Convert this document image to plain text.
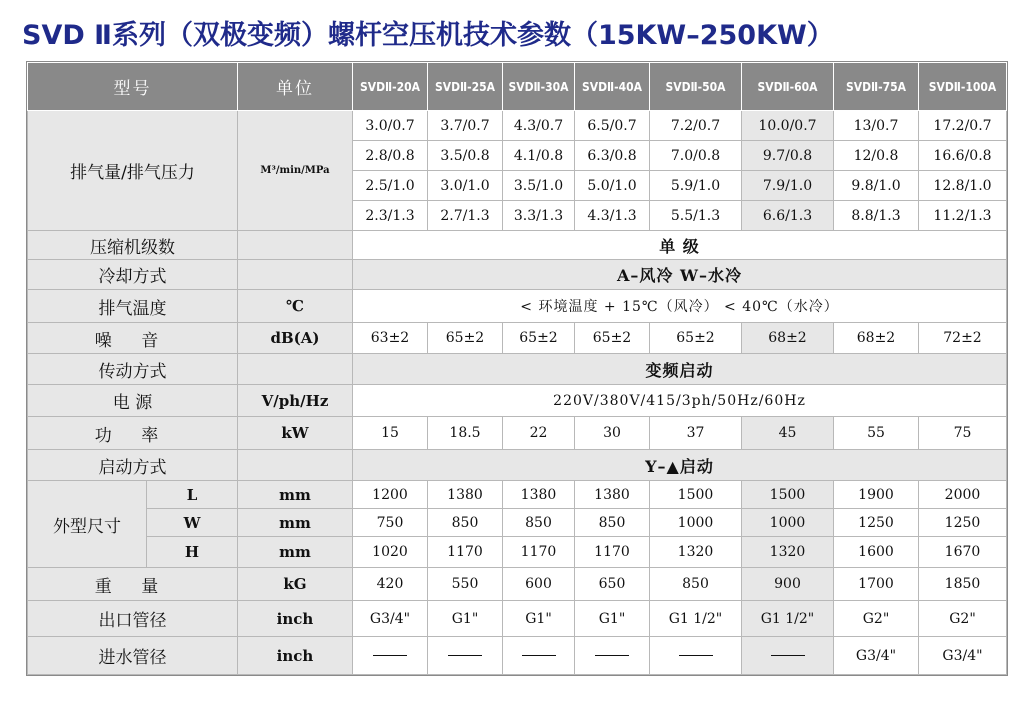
SVD Ⅱ系列（双极变频）螺杆空压机技术参数（15KW–250KW）
型号		单位	SVDⅡ-20A	SVDⅡ-25A	SVDⅡ-30A	SVDⅡ-40A	SVDⅡ-50A	SVDⅡ-60A	SVDⅡ-75A	SVDⅡ-100A
排气量/排气压力		M³/min/MPa	3.0/0.7	3.7/0.7	4.3/0.7	6.5/0.7	7.2/0.7	10.0/0.7	13/0.7	17.2/0.7
			2.8/0.8	3.5/0.8	4.1/0.8	6.3/0.8	7.0/0.8	9.7/0.8	12/0.8	16.6/0.8
			2.5/1.0	3.0/1.0	3.5/1.0	5.0/1.0	5.9/1.0	7.9/1.0	9.8/1.0	12.8/1.0
			2.3/1.3	2.7/1.3	3.3/1.3	4.3/1.3	5.5/1.3	6.6/1.3	8.8/1.3	11.2/1.3
压缩机级数			单 级							
冷却方式			A–风冷 W–水冷							
排气温度		℃	< 环境温度 + 15℃（风冷） < 40℃（水冷）							
噪 音		dB(A)	63±2	65±2	65±2	65±2	65±2	68±2	68±2	72±2
传动方式			变频启动							
电 源		V/ph/Hz	220V/380V/415/3ph/50Hz/60Hz							
功 率		kW	15	18.5	22	30	37	45	55	75
启动方式			Y–▲启动							
外型尺寸	L	mm	1200	1380	1380	1380	1500	1500	1900	2000
	W	mm	750	850	850	850	1000	1000	1250	1250
	H	mm	1020	1170	1170	1170	1320	1320	1600	1670
重 量		kG	420	550	600	650	850	900	1700	1850
出口管径		inch	G3/4"	G1"	G1"	G1"	G1 1/2"	G1 1/2"	G2"	G2"
进水管径		inch							G3/4"	G3/4"
